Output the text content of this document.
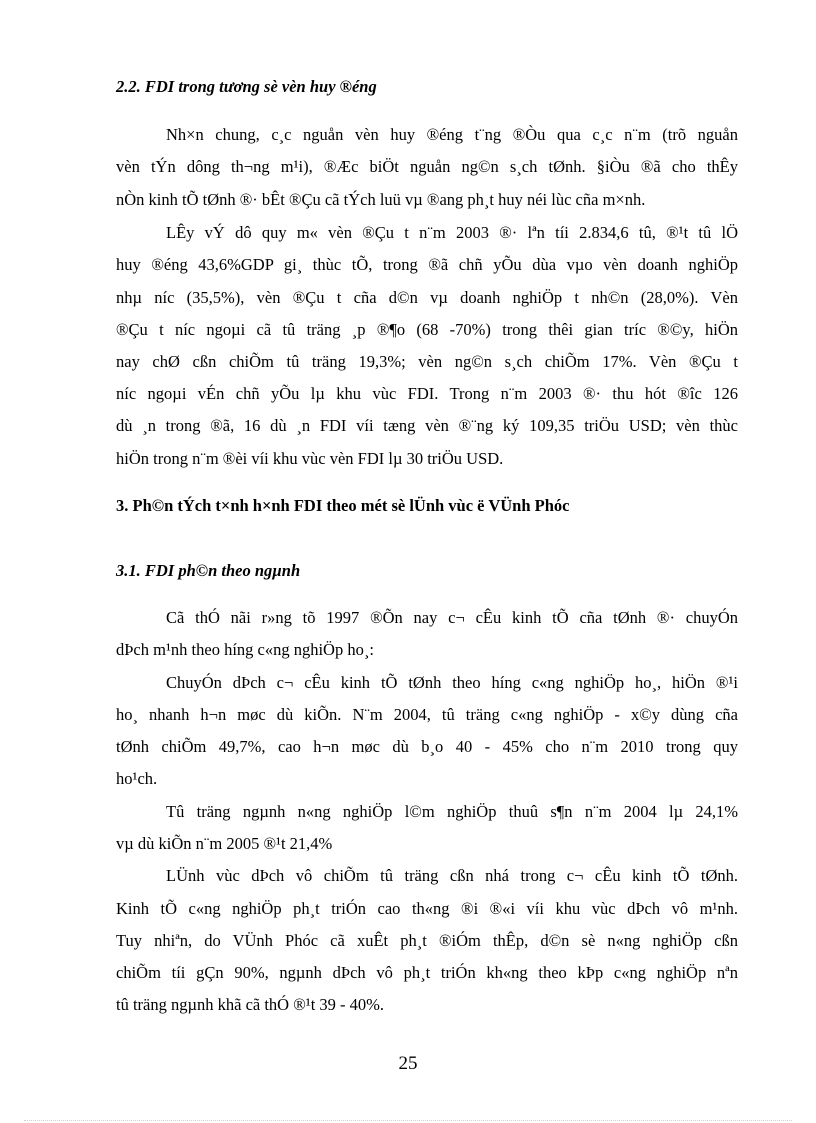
2.2. FDI trong tương sè vèn huy ®éng
Nh×n chung, c¸c nguån vèn huy ®éng t¨ng ®Òu qua c¸c n¨m (trõ nguån
vèn tÝn dông th¬ng m¹i), ®Æc biÖt nguån ng©n s¸ch tØnh. §iÒu ®ã cho thÊy
nÒn kinh tÕ tØnh ®· bÊt ®Çu cã tÝch luü vµ ®ang ph¸t huy néi lùc cña m×nh.
LÊy vÝ dô quy m« vèn ®Çu t n¨m 2003 ®· lªn tíi 2.834,6 tû, ®¹t tû lÖ
huy ®éng 43,6%GDP gi¸ thùc tÕ, trong ®ã chñ yÕu dùa vµo vèn doanh nghiÖp
nhµ níc (35,5%), vèn ®Çu t cña d©n vµ doanh nghiÖp t nh©n (28,0%). Vèn
®Çu t níc ngoµi cã tû träng ¸p ®¶o (68 -70%) trong thêi gian tríc ®©y, hiÖn
nay chØ cßn chiÕm tû träng 19,3%; vèn ng©n s¸ch chiÕm 17%. Vèn ®Çu t
níc ngoµi vÉn chñ yÕu lµ khu vùc FDI. Trong n¨m 2003 ®· thu hót ®îc 126
dù ¸n trong ®ã, 16 dù ¸n FDI víi tæng vèn ®¨ng ký 109,35 triÖu USD; vèn thùc
hiÖn trong n¨m ®èi víi khu vùc vèn FDI lµ 30 triÖu USD.
3. Ph©n tÝch t×nh h×nh FDI theo mét sè lÜnh vùc ë VÜnh Phóc
3.1. FDI ph©n theo ngµnh
Cã thÓ nãi r»ng tõ 1997 ®Õn nay c¬ cÊu kinh tÕ cña tØnh ®· chuyÓn
dÞch m¹nh theo híng c«ng nghiÖp ho¸:
ChuyÓn dÞch c¬ cÊu kinh tÕ tØnh theo híng c«ng nghiÖp ho¸, hiÖn ®¹i
ho¸ nhanh h¬n møc dù kiÕn. N¨m 2004, tû träng c«ng nghiÖp - x©y dùng cña
tØnh chiÕm 49,7%, cao h¬n møc dù b¸o 40 - 45% cho n¨m 2010 trong quy
ho¹ch.
Tû träng ngµnh n«ng nghiÖp l©m nghiÖp thuû s¶n n¨m 2004 lµ 24,1%
vµ dù kiÕn n¨m 2005 ®¹t 21,4%
LÜnh vùc dÞch vô chiÕm tû träng cßn nhá trong c¬ cÊu kinh tÕ tØnh.
Kinh tÕ c«ng nghiÖp ph¸t triÓn cao th«ng ®i ®«i víi khu vùc dÞch vô m¹nh.
Tuy nhiªn, do VÜnh Phóc cã xuÊt ph¸t ®iÓm thÊp, d©n sè n«ng nghiÖp cßn
chiÕm tíi gÇn 90%, ngµnh dÞch vô ph¸t triÓn kh«ng theo kÞp c«ng nghiÖp nªn
tû träng ngµnh khã cã thÓ ®¹t 39 - 40%.
25
